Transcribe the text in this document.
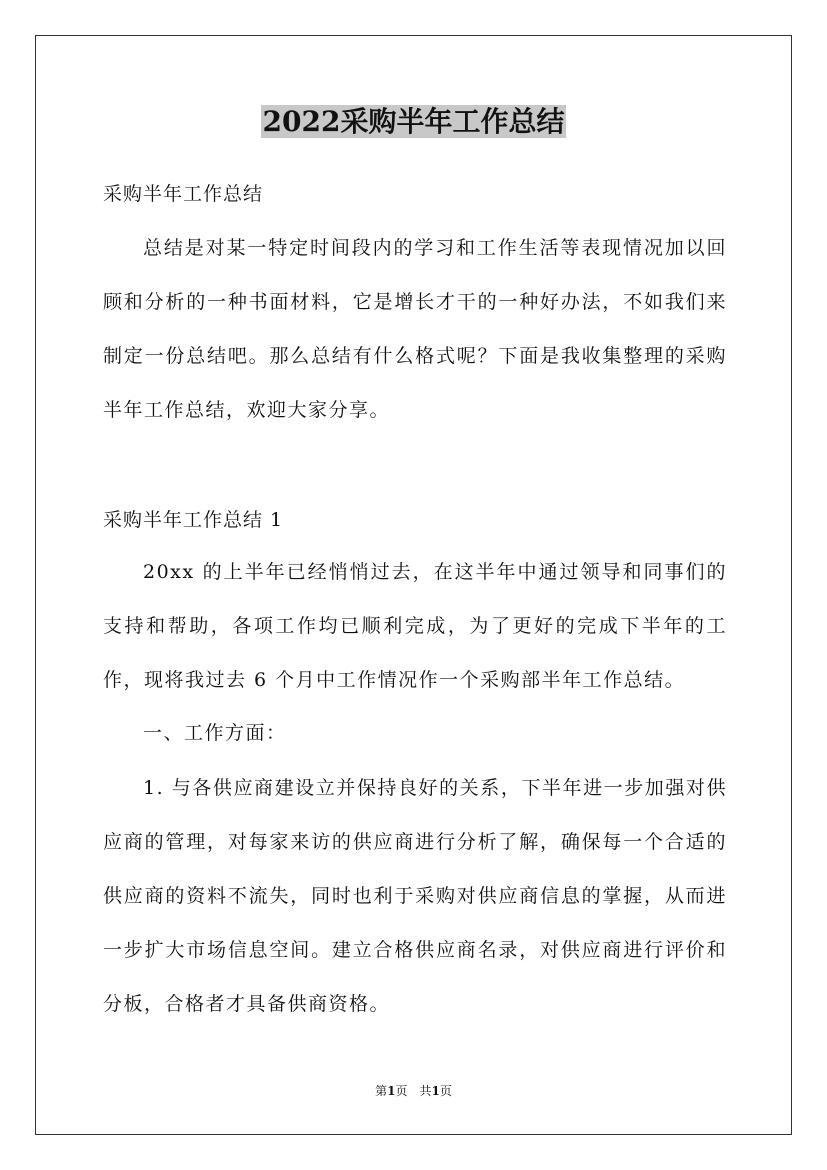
2022采购半年工作总结

采购半年工作总结

总结是对某一特定时间段内的学习和工作生活等表现情况加以回顾和分析的一种书面材料，它是增长才干的一种好办法，不如我们来制定一份总结吧。那么总结有什么格式呢？下面是我收集整理的采购半年工作总结，欢迎大家分享。

采购半年工作总结 1

20xx 的上半年已经悄悄过去，在这半年中通过领导和同事们的支持和帮助，各项工作均已顺利完成，为了更好的完成下半年的工作，现将我过去 6 个月中工作情况作一个采购部半年工作总结。

一、工作方面：

1. 与各供应商建设立并保持良好的关系，下半年进一步加强对供应商的管理，对每家来访的供应商进行分析了解，确保每一个合适的供应商的资料不流失，同时也利于采购对供应商信息的掌握，从而进一步扩大市场信息空间。建立合格供应商名录，对供应商进行评价和分板，合格者才具备供商资格。

第1页　共1页
